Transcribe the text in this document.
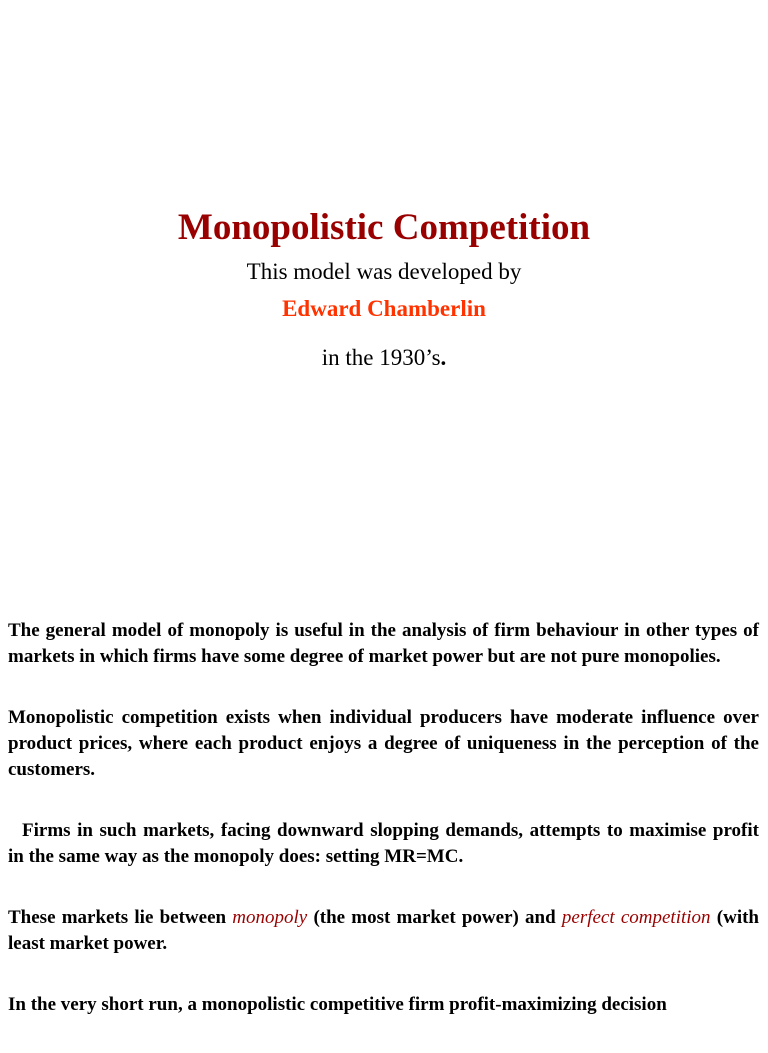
Monopolistic Competition

This model was developed by

Edward Chamberlin

in the 1930’s.

The general model of monopoly is useful in the analysis of firm behaviour in other types of markets in which firms have some degree of market power but are not pure monopolies.

Monopolistic competition exists when individual producers have moderate influence over product prices, where each product enjoys a degree of uniqueness in the perception of the customers.

Firms in such markets, facing downward slopping demands, attempts to maximise profit in the same way as the monopoly does: setting MR=MC.

These markets lie between monopoly (the most market power) and perfect competition (with least market power.

In the very short run, a monopolistic competitive firm profit-maximizing decision
